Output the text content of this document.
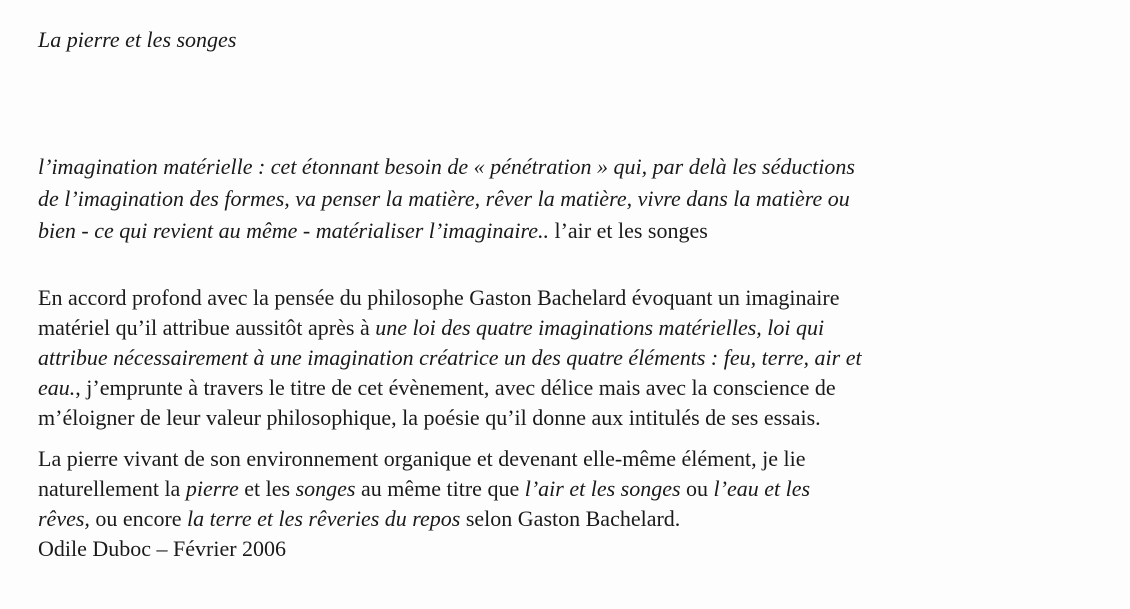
La pierre et les songes
l’imagination matérielle : cet étonnant besoin de « pénétration » qui, par delà les séductions
de l’imagination des formes, va penser la matière, rêver la matière, vivre dans la matière ou
bien - ce qui revient au même - matérialiser l’imaginaire.. l’air et les songes
En accord profond avec la pensée du philosophe Gaston Bachelard évoquant un imaginaire
matériel qu’il attribue aussitôt après à une loi des quatre imaginations matérielles, loi qui
attribue nécessairement à une imagination créatrice un des quatre éléments : feu, terre, air et
eau., j’emprunte à travers le titre de cet évènement, avec délice mais avec la conscience de
m’éloigner de leur valeur philosophique, la poésie qu’il donne aux intitulés de ses essais.
La pierre vivant de son environnement organique et devenant elle-même élément, je lie
naturellement la pierre et les songes au même titre que l’air et les songes ou l’eau et les
rêves, ou encore la terre et les rêveries du repos selon Gaston Bachelard.
Odile Duboc – Février 2006
